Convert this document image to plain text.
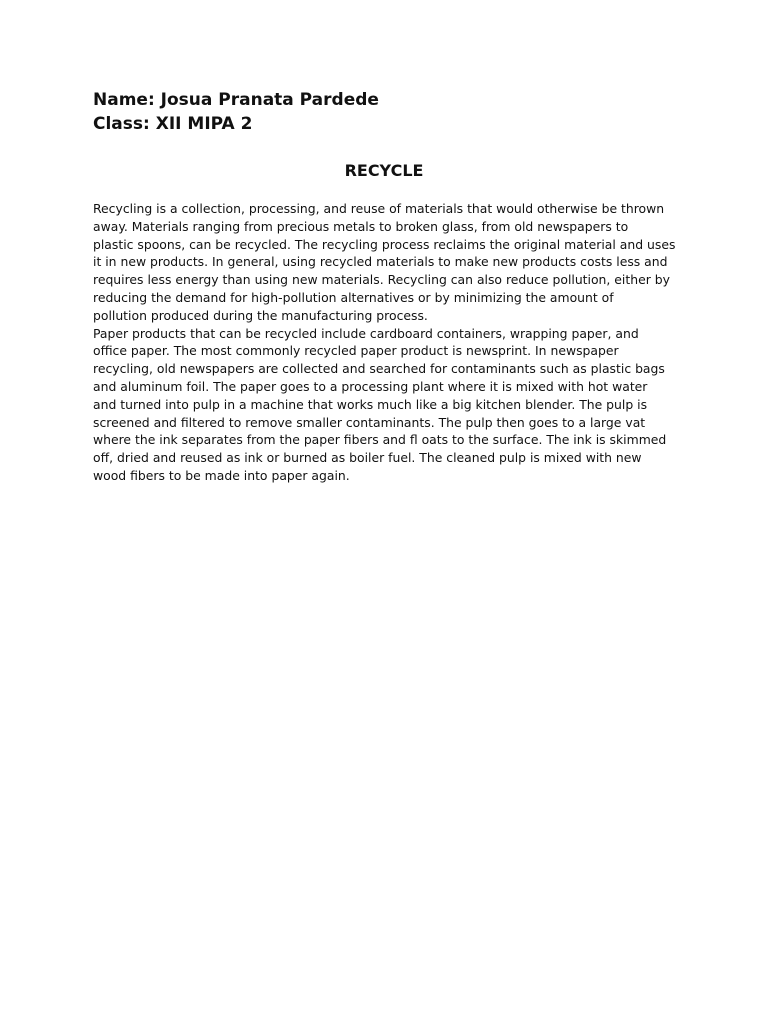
Name: Josua Pranata Pardede
Class: XII MIPA 2
RECYCLE
Recycling is a collection, processing, and reuse of materials that would otherwise be thrown
away. Materials ranging from precious metals to broken glass, from old newspapers to
plastic spoons, can be recycled. The recycling process reclaims the original material and uses
it in new products. In general, using recycled materials to make new products costs less and
requires less energy than using new materials. Recycling can also reduce pollution, either by
reducing the demand for high-pollution alternatives or by minimizing the amount of
pollution produced during the manufacturing process.
Paper products that can be recycled include cardboard containers, wrapping paper, and
office paper. The most commonly recycled paper product is newsprint. In newspaper
recycling, old newspapers are collected and searched for contaminants such as plastic bags
and aluminum foil. The paper goes to a processing plant where it is mixed with hot water
and turned into pulp in a machine that works much like a big kitchen blender. The pulp is
screened and filtered to remove smaller contaminants. The pulp then goes to a large vat
where the ink separates from the paper fibers and fl oats to the surface. The ink is skimmed
off, dried and reused as ink or burned as boiler fuel. The cleaned pulp is mixed with new
wood fibers to be made into paper again.
